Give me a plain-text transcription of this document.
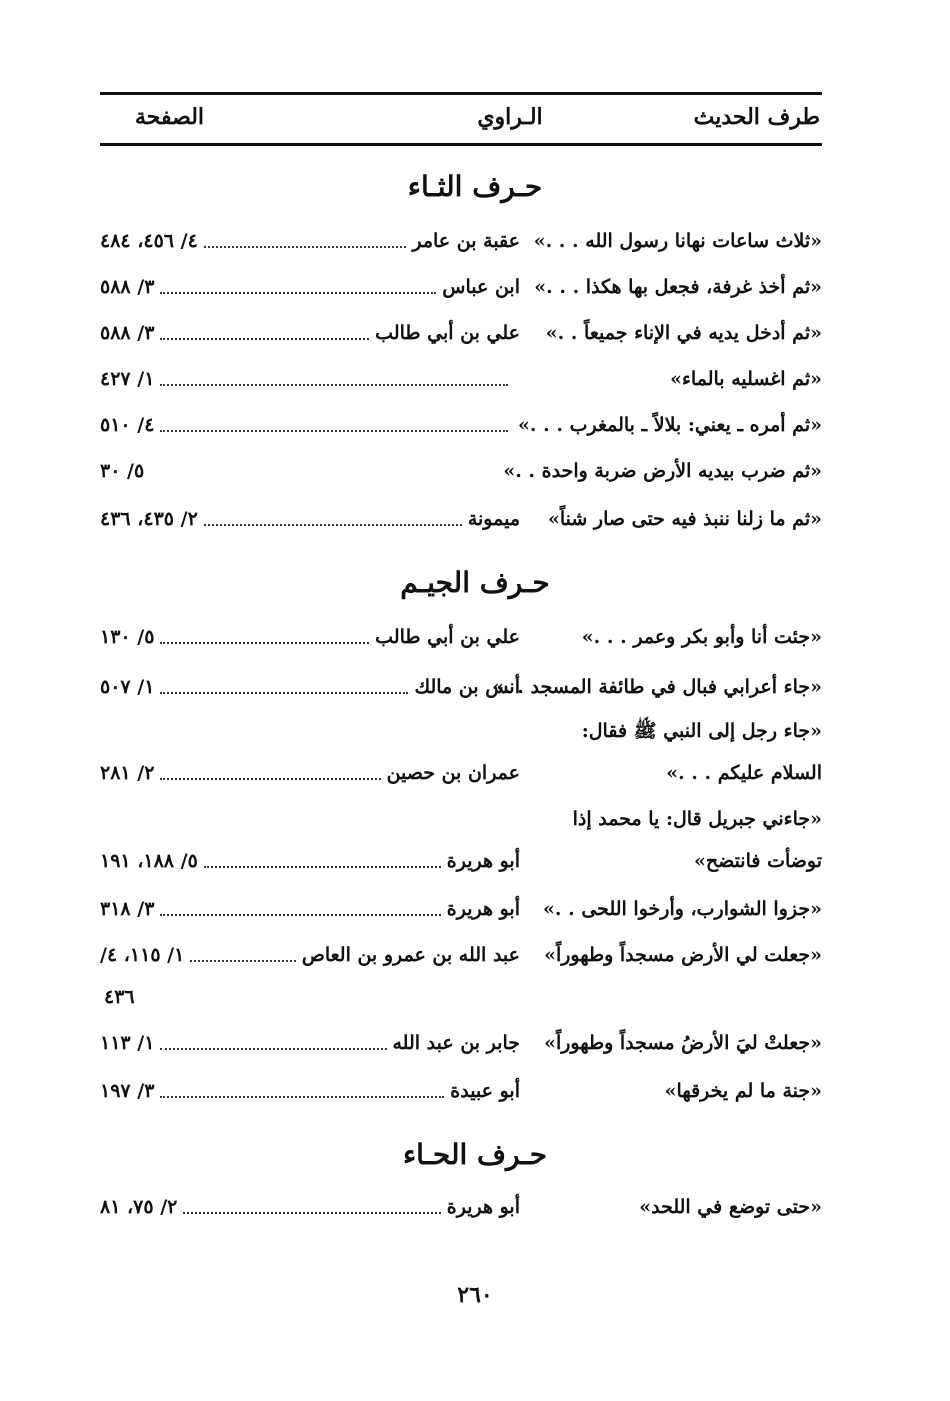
طرف الحديث
الـراوي
الصفحة
حـرف الثـاء
«ثلاث ساعات نهانا رسول الله . . .»
عقبة بن عامر
٤/ ٤٥٦، ٤٨٤
«ثم أخذ غرفة، فجعل بها هكذا . . .»
ابن عباس
٣/ ٥٨٨
«ثم أدخل يديه في الإناء جميعاً . .»
علي بن أبي طالب
٣/ ٥٨٨
«ثم اغسليه بالماء»
١/ ٤٢٧
«ثم أمره ـ يعني: بلالاً ـ بالمغرب . . .»
٤/ ٥١٠
«ثم ضرب بيديه الأرض ضربة واحدة . .»
٥/ ٣٠
«ثم ما زلنا ننبذ فيه حتى صار شناً»
ميمونة
٢/ ٤٣٥، ٤٣٦
حـرف الجيـم
«جئت أنا وأبو بكر وعمر . . .»
علي بن أبي طالب
٥/ ١٣٠
«جاء أعرابي فبال في طائفة المسجد . .»
أنس بن مالك
١/ ٥٠٧
«جاء رجل إلى النبي ﷺ فقال:
السلام عليكم . . .»
عمران بن حصين
٢/ ٢٨١
«جاءني جبريل قال: يا محمد إذا
توضأت فانتضح»
أبو هريرة
٥/ ١٨٨، ١٩١
«جزوا الشوارب، وأرخوا اللحى . .»
أبو هريرة
٣/ ٣١٨
«جعلت لي الأرض مسجداً وطهوراً»
عبد الله بن عمرو بن العاص
١/ ١١٥، ٤/
٤٣٦
«جعلتْ ليَ الأرضُ مسجداً وطهوراً»
جابر بن عبد الله
١/ ١١٣
«جنة ما لم يخرقها»
أبو عبيدة
٣/ ١٩٧
حـرف الحـاء
«حتى توضع في اللحد»
أبو هريرة
٢/ ٧٥، ٨١
٢٦٠
